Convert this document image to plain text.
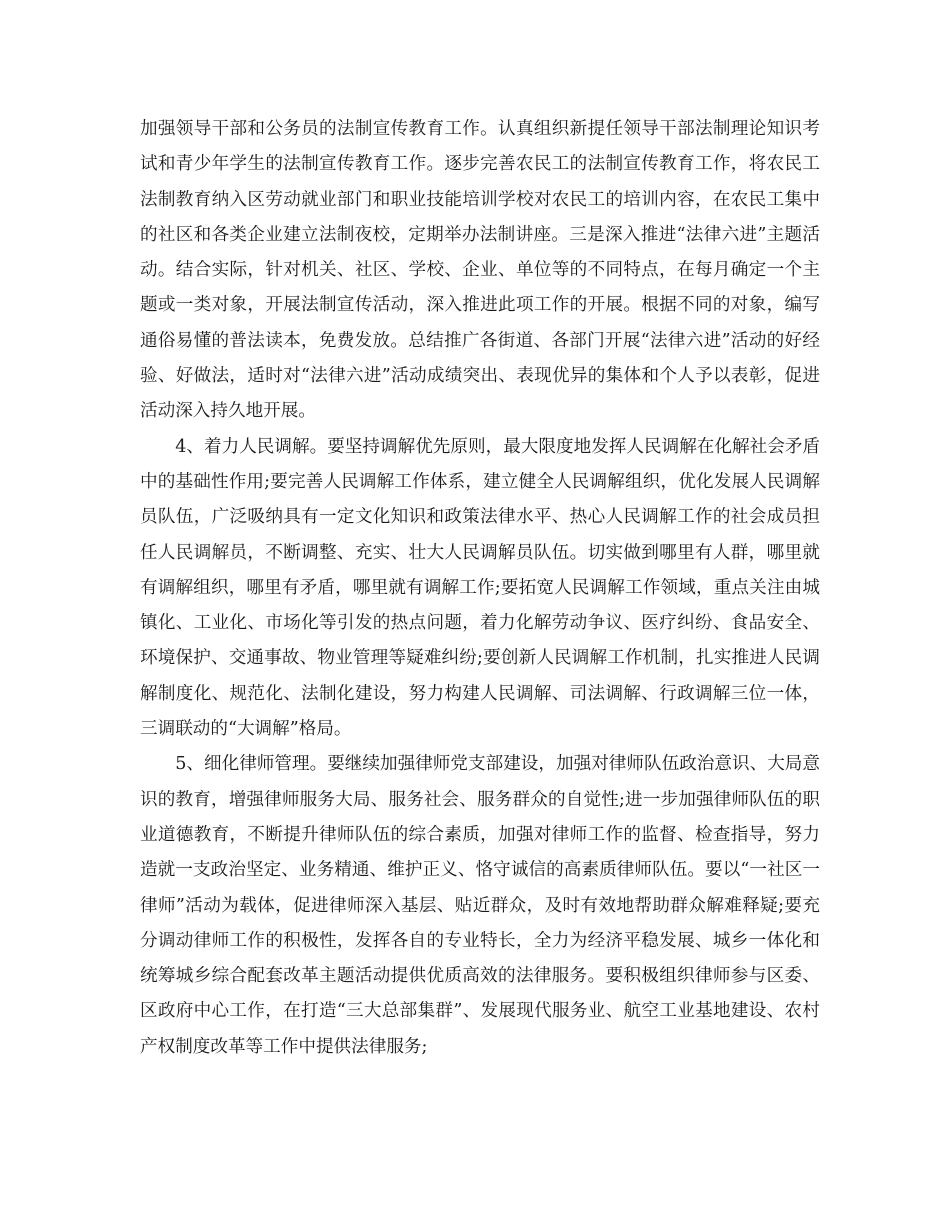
加强领导干部和公务员的法制宣传教育工作。认真组织新提任领导干部法制理论知识考试和青少年学生的法制宣传教育工作。逐步完善农民工的法制宣传教育工作，将农民工法制教育纳入区劳动就业部门和职业技能培训学校对农民工的培训内容，在农民工集中的社区和各类企业建立法制夜校，定期举办法制讲座。三是深入推进“法律六进”主题活动。结合实际，针对机关、社区、学校、企业、单位等的不同特点，在每月确定一个主题或一类对象，开展法制宣传活动，深入推进此项工作的开展。根据不同的对象，编写通俗易懂的普法读本，免费发放。总结推广各街道、各部门开展“法律六进”活动的好经验、好做法，适时对“法律六进”活动成绩突出、表现优异的集体和个人予以表彰，促进活动深入持久地开展。

4、着力人民调解。要坚持调解优先原则，最大限度地发挥人民调解在化解社会矛盾中的基础性作用;要完善人民调解工作体系，建立健全人民调解组织，优化发展人民调解员队伍，广泛吸纳具有一定文化知识和政策法律水平、热心人民调解工作的社会成员担任人民调解员，不断调整、充实、壮大人民调解员队伍。切实做到哪里有人群，哪里就有调解组织，哪里有矛盾，哪里就有调解工作;要拓宽人民调解工作领域，重点关注由城镇化、工业化、市场化等引发的热点问题，着力化解劳动争议、医疗纠纷、食品安全、环境保护、交通事故、物业管理等疑难纠纷;要创新人民调解工作机制，扎实推进人民调解制度化、规范化、法制化建设，努力构建人民调解、司法调解、行政调解三位一体，三调联动的“大调解”格局。

5、细化律师管理。要继续加强律师党支部建设，加强对律师队伍政治意识、大局意识的教育，增强律师服务大局、服务社会、服务群众的自觉性;进一步加强律师队伍的职业道德教育，不断提升律师队伍的综合素质，加强对律师工作的监督、检查指导，努力造就一支政治坚定、业务精通、维护正义、恪守诚信的高素质律师队伍。要以“一社区一律师”活动为载体，促进律师深入基层、贴近群众，及时有效地帮助群众解难释疑;要充分调动律师工作的积极性，发挥各自的专业特长，全力为经济平稳发展、城乡一体化和统筹城乡综合配套改革主题活动提供优质高效的法律服务。要积极组织律师参与区委、区政府中心工作，在打造“三大总部集群”、发展现代服务业、航空工业基地建设、农村产权制度改革等工作中提供法律服务;
